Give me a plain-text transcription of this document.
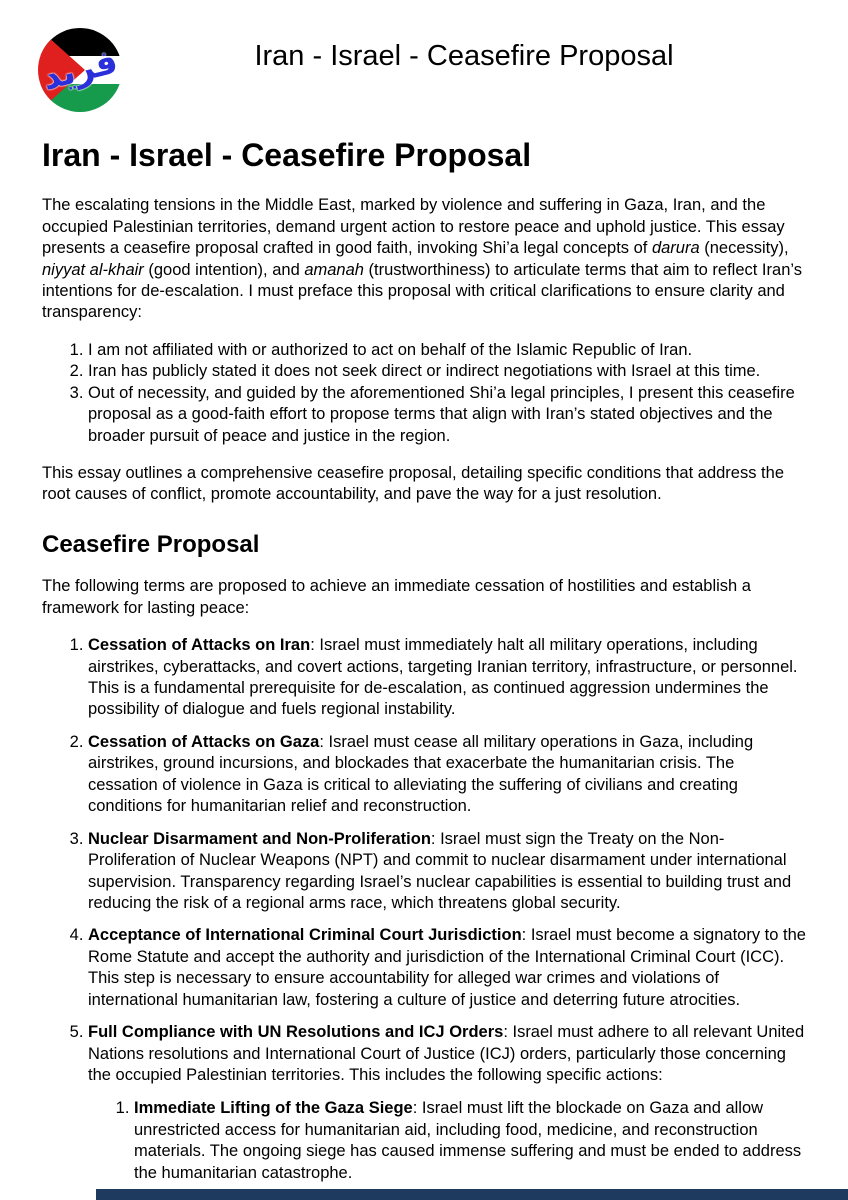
فريد	Iran - Israel - Ceasefire Proposal
Iran - Israel - Ceasefire Proposal

The escalating tensions in the Middle East, marked by violence and suffering in Gaza, Iran, and the occupied Palestinian territories, demand urgent action to restore peace and uphold justice. This essay presents a ceasefire proposal crafted in good faith, invoking Shi’a legal concepts of darura (necessity), niyyat al-khair (good intention), and amanah (trustworthiness) to articulate terms that aim to reflect Iran’s intentions for de-escalation. I must preface this proposal with critical clarifications to ensure clarity and transparency:

1. I am not affiliated with or authorized to act on behalf of the Islamic Republic of Iran.
2. Iran has publicly stated it does not seek direct or indirect negotiations with Israel at this time.
3. Out of necessity, and guided by the aforementioned Shi’a legal principles, I present this ceasefire proposal as a good-faith effort to propose terms that align with Iran’s stated objectives and the broader pursuit of peace and justice in the region.

This essay outlines a comprehensive ceasefire proposal, detailing specific conditions that address the root causes of conflict, promote accountability, and pave the way for a just resolution.

Ceasefire Proposal

The following terms are proposed to achieve an immediate cessation of hostilities and establish a framework for lasting peace:

1. Cessation of Attacks on Iran: Israel must immediately halt all military operations, including airstrikes, cyberattacks, and covert actions, targeting Iranian territory, infrastructure, or personnel. This is a fundamental prerequisite for de-escalation, as continued aggression undermines the possibility of dialogue and fuels regional instability.
2. Cessation of Attacks on Gaza: Israel must cease all military operations in Gaza, including airstrikes, ground incursions, and blockades that exacerbate the humanitarian crisis. The cessation of violence in Gaza is critical to alleviating the suffering of civilians and creating conditions for humanitarian relief and reconstruction.
3. Nuclear Disarmament and Non-Proliferation: Israel must sign the Treaty on the Non-Proliferation of Nuclear Weapons (NPT) and commit to nuclear disarmament under international supervision. Transparency regarding Israel’s nuclear capabilities is essential to building trust and reducing the risk of a regional arms race, which threatens global security.
4. Acceptance of International Criminal Court Jurisdiction: Israel must become a signatory to the Rome Statute and accept the authority and jurisdiction of the International Criminal Court (ICC). This step is necessary to ensure accountability for alleged war crimes and violations of international humanitarian law, fostering a culture of justice and deterring future atrocities.
5. Full Compliance with UN Resolutions and ICJ Orders: Israel must adhere to all relevant United Nations resolutions and International Court of Justice (ICJ) orders, particularly those concerning the occupied Palestinian territories. This includes the following specific actions:
1. Immediate Lifting of the Gaza Siege: Israel must lift the blockade on Gaza and allow unrestricted access for humanitarian aid, including food, medicine, and reconstruction materials. The ongoing siege has caused immense suffering and must be ended to address the humanitarian catastrophe.
